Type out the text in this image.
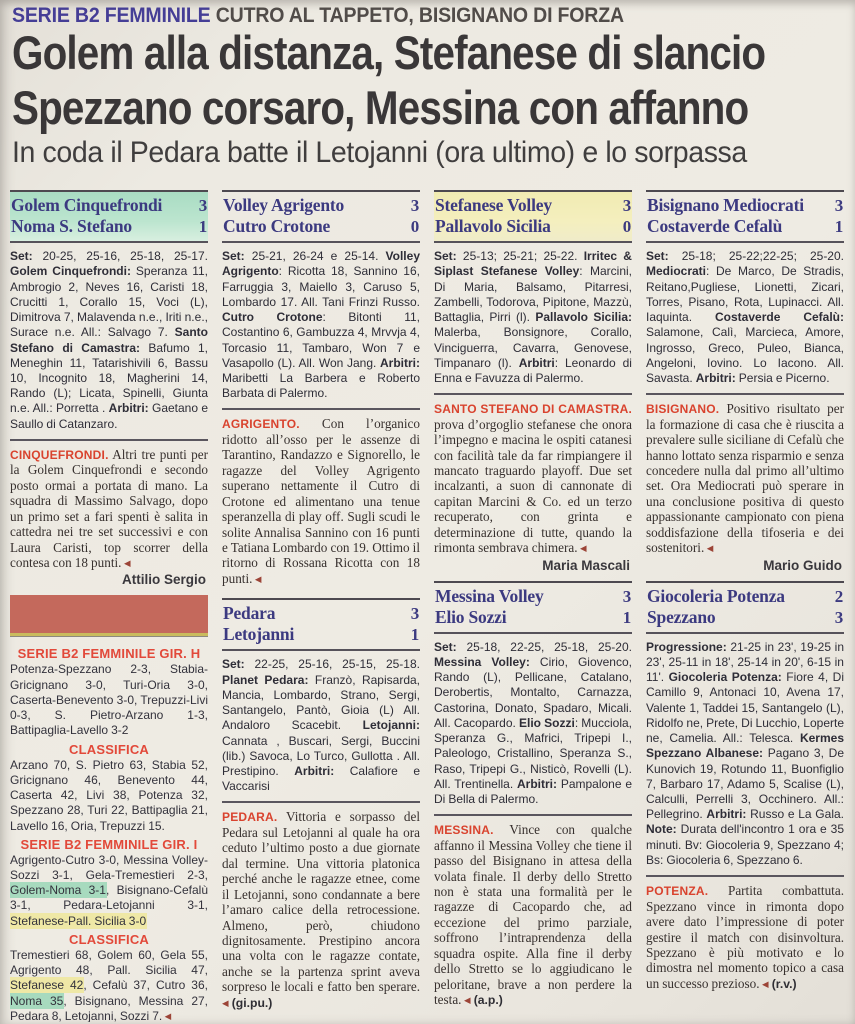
SERIE B2 FEMMINILE CUTRO AL TAPPETO, BISIGNANO DI FORZA
Golem alla distanza, Stefanese di slancio
Spezzano corsaro, Messina con affanno
In coda il Pedara batte il Letojanni (ora ultimo) e lo sorpassa
Golem Cinquefrondi 3
Noma S. Stefano	1
Set: 20-25, 25-16, 25-18, 25-17. Golem Cinquefrondi: Speranza 11, Ambrogio 2, Neves 16, Caristi 18, Crucitti 1, Corallo 15, Voci (L), Dimitrova 7, Malavenda n.e., Iriti n.e., Surace n.e. All.: Salvago 7. Santo Stefano di Camastra: Bafumo 1, Meneghin 11, Tatarishivili 6, Bassu 10, Incognito 18, Magherini 14, Rando (L); Licata, Spinelli, Giunta n.e. All.: Porretta . Arbitri: Gaetano e Saullo di Catanzaro.
CINQUEFRONDI. Altri tre punti per la Golem Cinquefrondi e secondo posto ormai a portata di mano. La squadra di Massimo Salvago, dopo un primo set a fari spenti è salita in cattedra nei tre set successivi e con Laura Caristi, top scorrer della contesa con 18 punti. ◀
Attilio Sergio
SERIE B2 FEMMINILE GIR. H
Potenza-Spezzano 2-3, Stabia-Gricignano 3-0, Turi-Oria 3-0, Caserta-Benevento 3-0, Trepuzzi-Livi 0-3, S. Pietro-Arzano 1-3, Battipaglia-Lavello 3-2
CLASSIFICA
Arzano 70, S. Pietro 63, Stabia 52, Gricignano 46, Benevento 44, Caserta 42, Livi 38, Potenza 32, Spezzano 28, Turi 22, Battipaglia 21, Lavello 16, Oria, Trepuzzi 15.
SERIE B2 FEMMINILE GIR. I
Agrigento-Cutro 3-0, Messina Volley-Sozzi 3-1, Gela-Tremestieri 2-3, Golem-Noma 3-1, Bisignano-Cefalù 3-1, Pedara-Letojanni 3-1, Stefanese-Pall. Sicilia 3-0
CLASSIFICA
Tremestieri 68, Golem 60, Gela 55, Agrigento 48, Pall. Sicilia 47, Stefanese 42, Cefalù 37, Cutro 36, Noma 35, Bisignano, Messina 27, Pedara 8, Letojanni, Sozzi 7. ◀
Volley Agrigento	3
Cutro Crotone	0
Set: 25-21, 26-24 e 25-14. Volley Agrigento: Ricotta 18, Sannino 16, Farruggia 3, Maiello 3, Caruso 5, Lombardo 17. All. Tani Frinzi Russo. Cutro Crotone: Bitonti 11, Costantino 6, Gambuzza 4, Mrvvja 4, Torcasio 11, Tambaro, Won 7 e Vasapollo (L). All. Won Jang. Arbitri: Maribetti La Barbera e Roberto Barbata di Palermo.
AGRIGENTO. Con l’organico ridotto all’osso per le assenze di Tarantino, Randazzo e Signorello, le ragazze del Volley Agrigento superano nettamente il Cutro di Crotone ed alimentano una tenue speranzella di play off. Sugli scudi le solite Annalisa Sannino con 16 punti e Tatiana Lombardo con 19. Ottimo il ritorno di Rossana Ricotta con 18 punti. ◀
Pedara	3
Letojanni	1
Set: 22-25, 25-16, 25-15, 25-18. Planet Pedara: Franzò, Rapisarda, Mancia, Lombardo, Strano, Sergi, Santangelo, Pantò, Gioia (L) All. Andaloro Scacebit. Letojanni: Cannata , Buscari, Sergi, Buccini (lib.) Savoca, Lo Turco, Gullotta . All. Prestipino. Arbitri: Calafiore e Vaccarisi
PEDARA. Vittoria e sorpasso del Pedara sul Letojanni al quale ha ora ceduto l’ultimo posto a due giornate dal termine. Una vittoria platonica perché anche le ragazze etnee, come il Letojanni, sono condannate a bere l’amaro calice della retrocessione. Almeno, però, chiudono dignitosamente. Prestipino ancora una volta con le ragazze contate, anche se la partenza sprint aveva sorpreso le locali e fatto ben sperare. ◀ (gi.pu.)
Stefanese Volley	3
Pallavolo Sicilia	0
Set: 25-13; 25-21; 25-22. Irritec & Siplast Stefanese Volley: Marcini, Di Maria, Balsamo, Pitarresi, Zambelli, Todorova, Pipitone, Mazzù, Battaglia, Pirri (l). Pallavolo Sicilia: Malerba, Bonsignore, Corallo, Vinciguerra, Cavarra, Genovese, Timpanaro (l). Arbitri: Leonardo di Enna e Favuzza di Palermo.
SANTO STEFANO DI CAMASTRA. prova d’orgoglio stefanese che onora l’impegno e macina le ospiti catanesi con facilità tale da far rimpiangere il mancato traguardo playoff. Due set incalzanti, a suon di cannonate di capitan Marcini & Co. ed un terzo recuperato, con grinta e determinazione di tutte, quando la rimonta sembrava chimera. ◀
Maria Mascali
Messina Volley	3
Elio Sozzi	1
Set: 25-18, 22-25, 25-18, 25-20. Messina Volley: Cirio, Giovenco, Rando (L), Pellicane, Catalano, Derobertis, Montalto, Carnazza, Castorina, Donato, Spadaro, Micali. All. Cacopardo. Elio Sozzi: Mucciola, Speranza G., Mafrici, Tripepi I., Paleologo, Cristallino, Speranza S., Raso, Tripepi G., Nisticò, Rovelli (L). All. Trentinella. Arbitri: Pampalone e Di Bella di Palermo.
MESSINA. Vince con qualche affanno il Messina Volley che tiene il passo del Bisignano in attesa della volata finale. Il derby dello Stretto non è stata una formalità per le ragazze di Cacopardo che, ad eccezione del primo parziale, soffrono l’intraprendenza della squadra ospite. Alla fine il derby dello Stretto se lo aggiudicano le peloritane, brave a non perdere la testa. ◀ (a.p.)
Bisignano Mediocrati 3
Costaverde Cefalù	1
Set: 25-18; 25-22;22-25; 25-20. Mediocrati: De Marco, De Stradis, Reitano,Pugliese, Lionetti, Zicari, Torres, Pisano, Rota, Lupinacci. All. Iaquinta. Costaverde Cefalù: Salamone, Calì, Marcieca, Amore, Ingrosso, Greco, Puleo, Bianca, Angeloni, Iovino. Lo Iacono. All. Savasta. Arbitri: Persia e Picerno.
BISIGNANO. Positivo risultato per la formazione di casa che è riuscita a prevalere sulle siciliane di Cefalù che hanno lottato senza risparmio e senza concedere nulla dal primo all’ultimo set. Ora Mediocrati può sperare in una conclusione positiva di questo appassionante campionato con piena soddisfazione della tifoseria e dei sostenitori. ◀
Mario Guido
Giocoleria Potenza	2
Spezzano	3
Progressione: 21-25 in 23', 19-25 in 23', 25-11 in 18', 25-14 in 20', 6-15 in 11'. Giocoleria Potenza: Fiore 4, Di Camillo 9, Antonaci 10, Avena 17, Valente 1, Taddei 15, Santangelo (L), Ridolfo ne, Prete, Di Lucchio, Loperte ne, Camelia. All.: Telesca. Kermes Spezzano Albanese: Pagano 3, De Kunovich 19, Rotundo 11, Buonfiglio 7, Barbaro 17, Adamo 5, Scalise (L), Calculli, Perrelli 3, Occhinero. All.: Pellegrino. Arbitri: Russo e La Gala. Note: Durata dell'incontro 1 ora e 35 minuti. Bv: Giocoleria 9, Spezzano 4; Bs: Giocoleria 6, Spezzano 6.
POTENZA. Partita combattuta. Spezzano vince in rimonta dopo avere dato l’impressione di poter gestire il match con disinvoltura. Spezzano è più motivato e lo dimostra nel momento topico a casa un successo prezioso. ◀ (r.v.)
